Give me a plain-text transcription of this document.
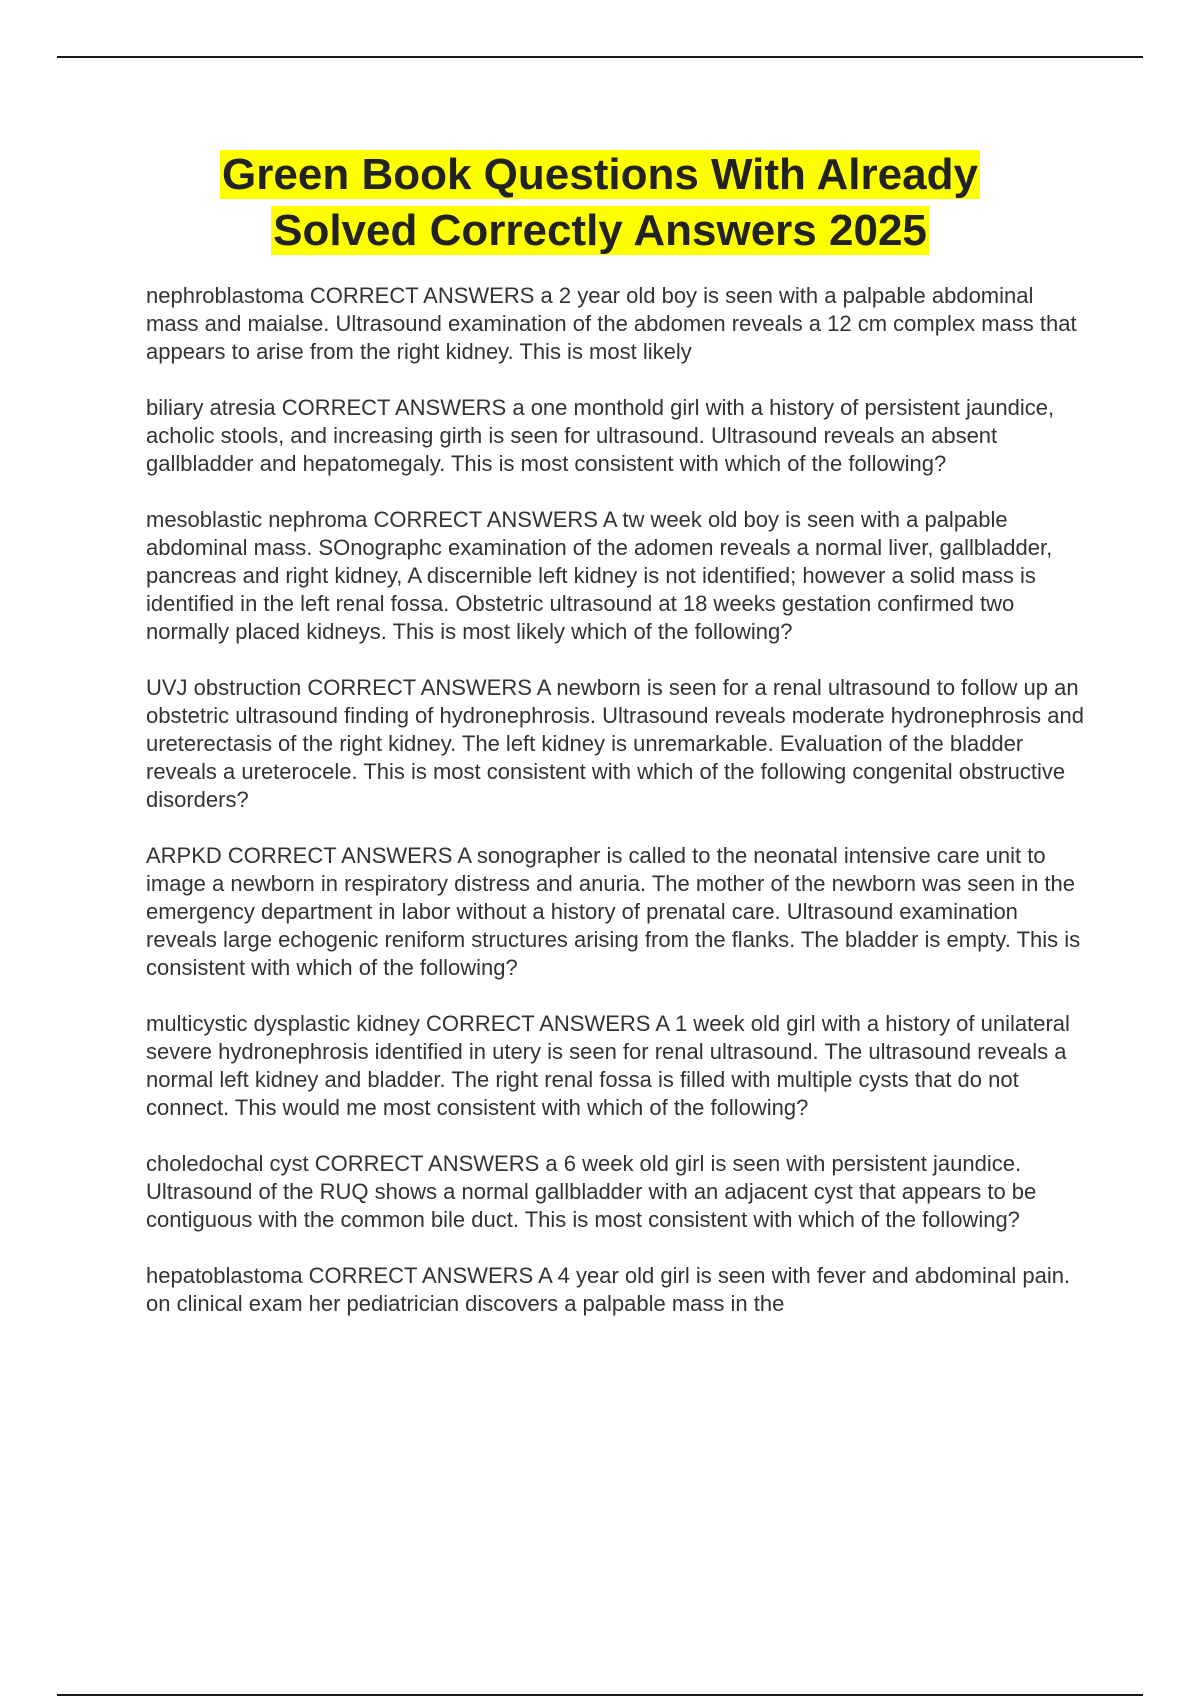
Green Book Questions With Already
Solved Correctly Answers 2025

nephroblastoma CORRECT ANSWERS a 2 year old boy is seen with a palpable abdominal mass and maialse. Ultrasound examination of the abdomen reveals a 12 cm complex mass that appears to arise from the right kidney. This is most likely

biliary atresia CORRECT ANSWERS a one monthold girl with a history of persistent jaundice, acholic stools, and increasing girth is seen for ultrasound. Ultrasound reveals an absent gallbladder and hepatomegaly. This is most consistent with which of the following?

mesoblastic nephroma CORRECT ANSWERS A tw week old boy is seen with a palpable abdominal mass. SOnographc examination of the adomen reveals a normal liver, gallbladder, pancreas and right kidney, A discernible left kidney is not identified; however a solid mass is identified in the left renal fossa. Obstetric ultrasound at 18 weeks gestation confirmed two normally placed kidneys. This is most likely which of the following?

UVJ obstruction CORRECT ANSWERS A newborn is seen for a renal ultrasound to follow up an obstetric ultrasound finding of hydronephrosis. Ultrasound reveals moderate hydronephrosis and ureterectasis of the right kidney. The left kidney is unremarkable. Evaluation of the bladder reveals a ureterocele. This is most consistent with which of the following congenital obstructive disorders?

ARPKD CORRECT ANSWERS A sonographer is called to the neonatal intensive care unit to image a newborn in respiratory distress and anuria. The mother of the newborn was seen in the emergency department in labor without a history of prenatal care. Ultrasound examination reveals large echogenic reniform structures arising from the flanks. The bladder is empty. This is consistent with which of the following?

multicystic dysplastic kidney CORRECT ANSWERS A 1 week old girl with a history of unilateral severe hydronephrosis identified in utery is seen for renal ultrasound. The ultrasound reveals a normal left kidney and bladder. The right renal fossa is filled with multiple cysts that do not connect. This would me most consistent with which of the following?

choledochal cyst CORRECT ANSWERS a 6 week old girl is seen with persistent jaundice. Ultrasound of the RUQ shows a normal gallbladder with an adjacent cyst that appears to be contiguous with the common bile duct. This is most consistent with which of the following?

hepatoblastoma CORRECT ANSWERS A 4 year old girl is seen with fever and abdominal pain. on clinical exam her pediatrician discovers a palpable mass in the
